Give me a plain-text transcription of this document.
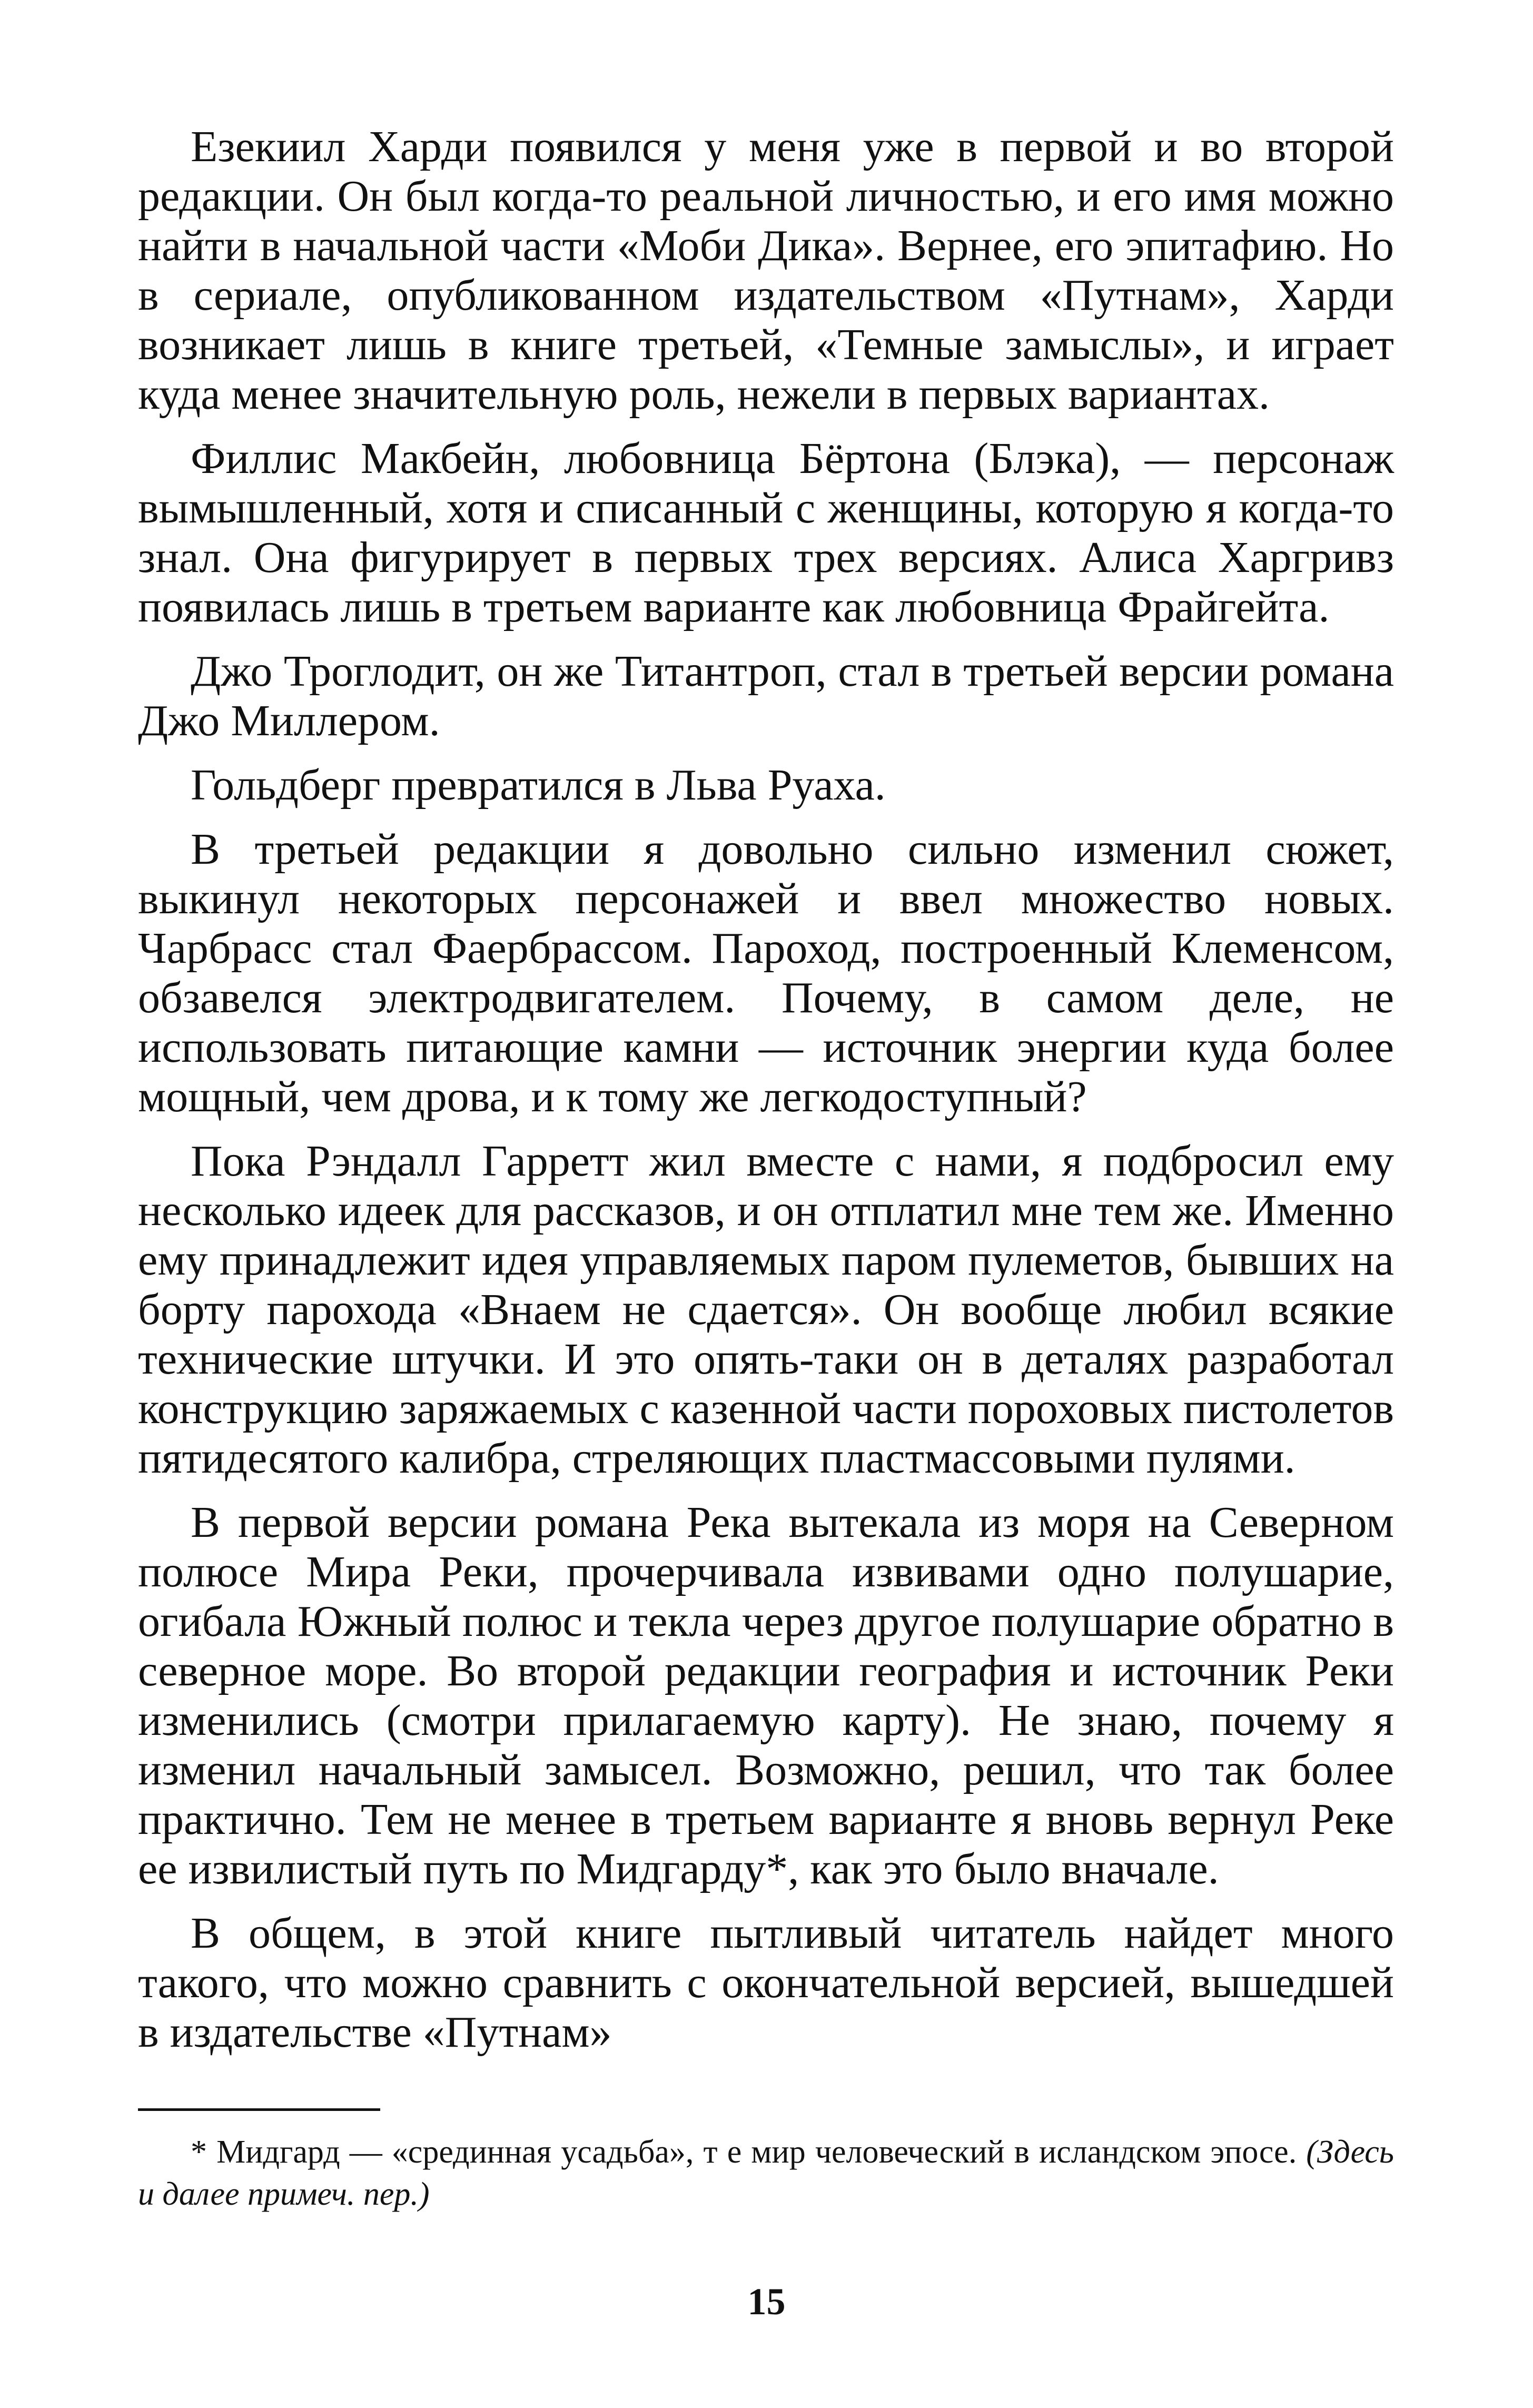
Езекиил Харди появился у меня уже в первой и во второй редакции. Он был когда-то реальной личностью, и его имя можно найти в начальной части «Моби Дика». Вернее, его эпитафию. Но в сериале, опубликованном издательством «Путнам», Харди возникает лишь в книге третьей, «Темные замыслы», и играет куда менее значительную роль, нежели в первых вариантах.

Филлис Макбейн, любовница Бёртона (Блэка), — персонаж вымышленный, хотя и списанный с женщины, которую я когда-то знал. Она фигурирует в первых трех версиях. Алиса Харгривз появилась лишь в третьем варианте как любовница Фрайгейта.

Джо Троглодит, он же Титантроп, стал в третьей версии романа Джо Миллером.

Гольдберг превратился в Льва Руаха.

В третьей редакции я довольно сильно изменил сюжет, выкинул некоторых персонажей и ввел множество новых. Чарбрасс стал Фаербрассом. Пароход, построенный Клеменсом, обзавелся электродвигателем. Почему, в самом деле, не использовать питающие камни — источник энергии куда более мощный, чем дрова, и к тому же легкодоступный?

Пока Рэндалл Гарретт жил вместе с нами, я подбросил ему несколько идеек для рассказов, и он отплатил мне тем же. Именно ему принадлежит идея управляемых паром пулеметов, бывших на борту парохода «Внаем не сдается». Он вообще любил всякие технические штучки. И это опять-таки он в деталях разработал конструкцию заряжаемых с казенной части пороховых пистолетов пятидесятого калибра, стреляющих пластмассовыми пулями.

В первой версии романа Река вытекала из моря на Северном полюсе Мира Реки, прочерчивала извивами одно полушарие, огибала Южный полюс и текла через другое полушарие обратно в северное море. Во второй редакции география и источник Реки изменились (смотри прилагаемую карту). Не знаю, почему я изменил начальный замысел. Возможно, решил, что так более практично. Тем не менее в третьем варианте я вновь вернул Реке ее извилистый путь по Мидгарду*, как это было вначале.

В общем, в этой книге пытливый читатель найдет много такого, что можно сравнить с окончательной версией, вышедшей в издательстве «Путнам»

* Мидгард — «срединная усадьба», т е мир человеческий в исландском эпосе. (Здесь и далее примеч. пер.)
15
